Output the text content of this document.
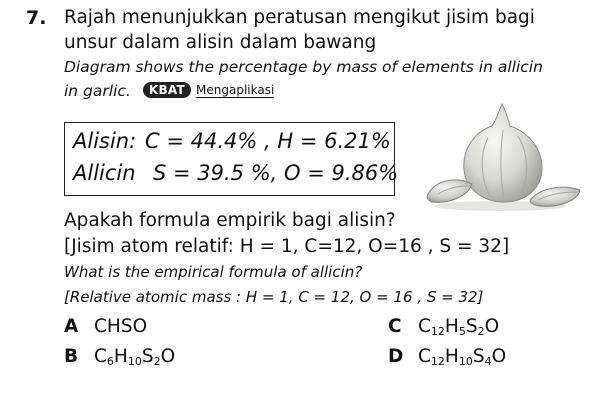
7. Rajah menunjukkan peratusan mengikut jisim bagi
unsur dalam alisin dalam bawang
Diagram shows the percentage by mass of elements in allicin
in garlic. KBAT Mengaplikasi
Alisin: C = 44.4% , H = 6.21%
Allicin S = 39.5 %, O = 9.86%
Apakah formula empirik bagi alisin?
[Jisim atom relatif: H = 1, C=12, O=16 , S = 32]
What is the empirical formula of allicin?
[Relative atomic mass : H = 1, C = 12, O = 16 , S = 32]
A CHSO
B $C_6H_{10}S_2O$
C $C_{12}H_5S_2O$
D $C_{12}H_{10}S_4O$
